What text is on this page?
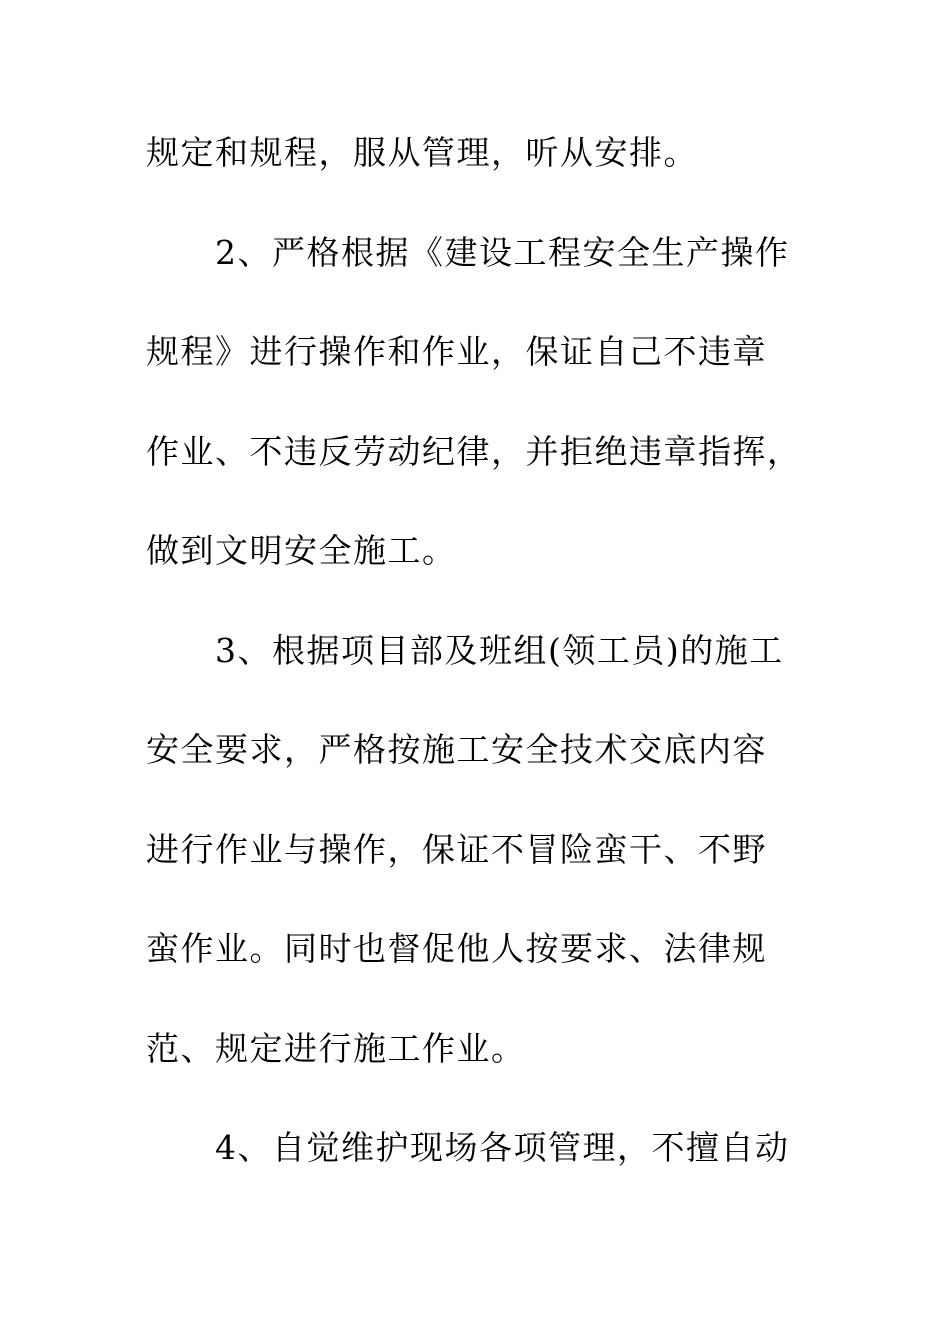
规定和规程，服从管理，听从安排。
　　2、严格根据《建设工程安全生产操作
规程》进行操作和作业，保证自己不违章
作业、不违反劳动纪律，并拒绝违章指挥，
做到文明安全施工。
　　3、根据项目部及班组(领工员)的施工
安全要求，严格按施工安全技术交底内容
进行作业与操作，保证不冒险蛮干、不野
蛮作业。同时也督促他人按要求、法律规
范、规定进行施工作业。
　　4、自觉维护现场各项管理，不擅自动
